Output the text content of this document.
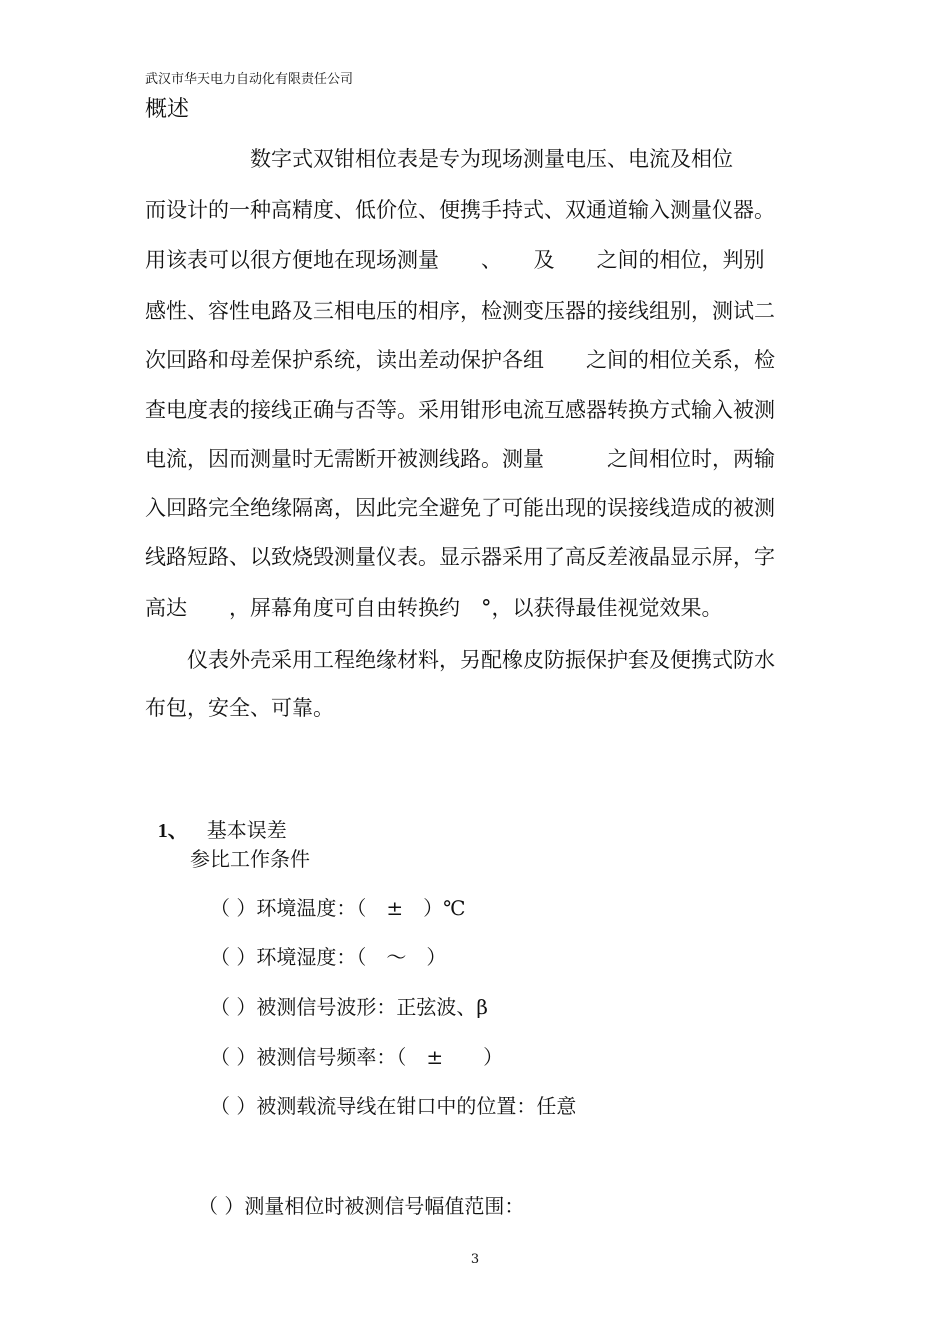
武汉市华天电力自动化有限责任公司
概述
　　　　　数字式双钳相位表是专为现场测量电压、电流及相位
而设计的一种高精度、低价位、便携手持式、双通道输入测量仪器。
用该表可以很方便地在现场测量　　、　　及　　之间的相位，判别
感性、容性电路及三相电压的相序，检测变压器的接线组别，测试二
次回路和母差保护系统，读出差动保护各组　　之间的相位关系，检
查电度表的接线正确与否等。采用钳形电流互感器转换方式输入被测
电流，因而测量时无需断开被测线路。测量　　　之间相位时，两输
入回路完全绝缘隔离，因此完全避免了可能出现的误接线造成的被测
线路短路、以致烧毁测量仪表。显示器采用了高反差液晶显示屏，字
高达　　，屏幕角度可自由转换约　°，以获得最佳视觉效果。
　　仪表外壳采用工程绝缘材料，另配橡皮防振保护套及便携式防水
布包，安全、可靠。

1、 基本误差

参比工作条件
（ ）环境温度：（　±　）℃
（ ）环境湿度：（　～　）
（ ）被测信号波形：正弦波、β
（ ）被测信号频率：（　±　　）
（ ）被测载流导线在钳口中的位置：任意
（ ）测量相位时被测信号幅值范围：
3
